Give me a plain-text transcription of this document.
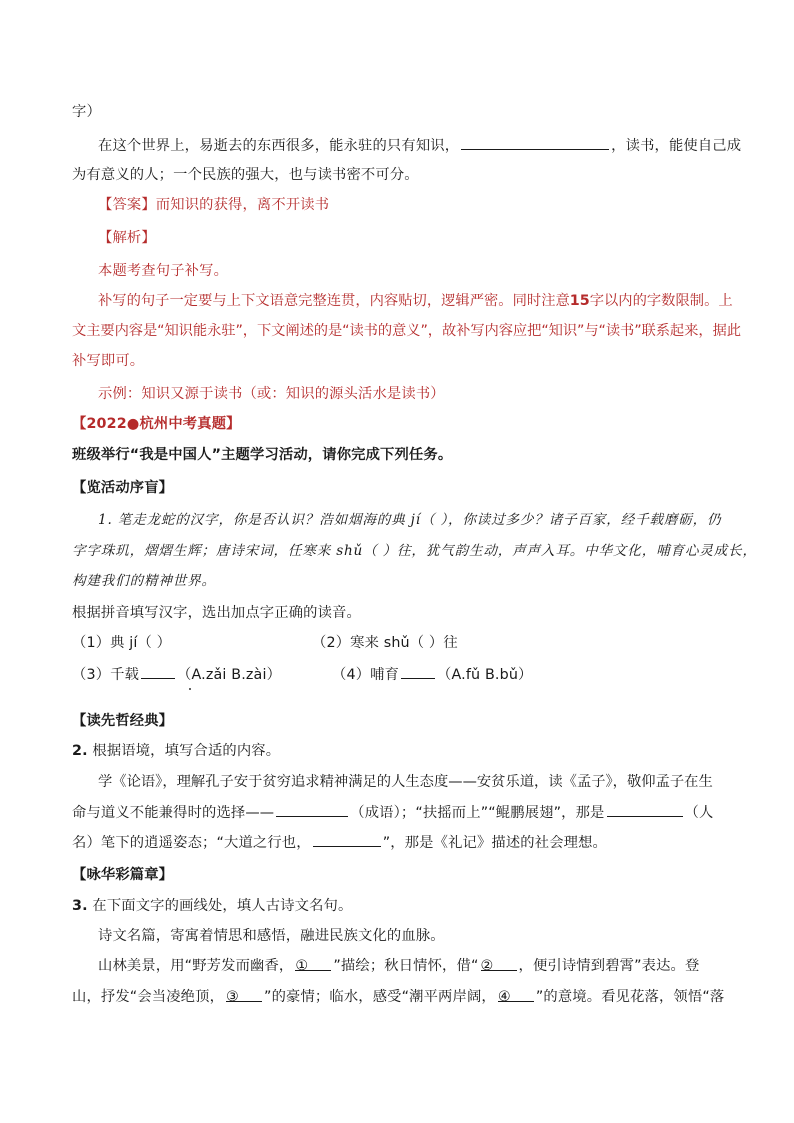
字）
在这个世界上，易逝去的东西很多，能永驻的只有知识，	，读书，能使自己成
为有意义的人；一个民族的强大，也与读书密不可分。
【答案】而知识的获得，离不开读书
【解析】
本题考查句子补写。
补写的句子一定要与上下文语意完整连贯，内容贴切，逻辑严密。同时注意15字以内的字数限制。上
文主要内容是“知识能永驻”，下文阐述的是“读书的意义”，故补写内容应把“知识”与“读书”联系起来，据此
补写即可。
示例：知识又源于读书（或：知识的源头活水是读书）
【2022●杭州中考真题】
班级举行“我是中国人”主题学习活动，请你完成下列任务。
【览活动序盲】
1. 笔走龙蛇的汉字，你是否认识？浩如烟海的典 jí（ ），你读过多少？诸子百家，经千载磨砺，仍
字字珠玑，熠熠生辉；唐诗宋词，任寒来 shǔ（ ）往，犹气韵生动，声声入耳。中华文化，哺育心灵成长，
构建我们的精神世界。
根据拼音填写汉字，选出加点字正确的读音。
（1）典 jí（ ）	（2）寒来 shǔ（ ）往
（3）千载	（A.zǎi B.zài）	（4）哺育	（A.fǔ B.bǔ）
【读先哲经典】
2. 根据语境，填写合适的内容。
学《论语》，理解孔子安于贫穷追求精神满足的人生态度——安贫乐道，读《孟子》，敬仰孟子在生
命与道义不能兼得时的选择——	（成语）；“扶摇而上”“鲲鹏展翅”，那是	（人
名）笔下的逍遥姿态；“大道之行也，	”，那是《礼记》描述的社会理想。
【咏华彩篇章】
3. 在下面文字的画线处，填人古诗文名句。
诗文名篇，寄寓着情思和感悟，融进民族文化的血脉。
山林美景，用“野芳发而幽香， ① ”描绘；秋日情怀，借“ ② ，便引诗情到碧霄”表达。登
山，抒发“会当凌绝顶， ③ ”的豪情；临水，感受“潮平两岸阔， ④ ”的意境。看见花落，领悟“落
